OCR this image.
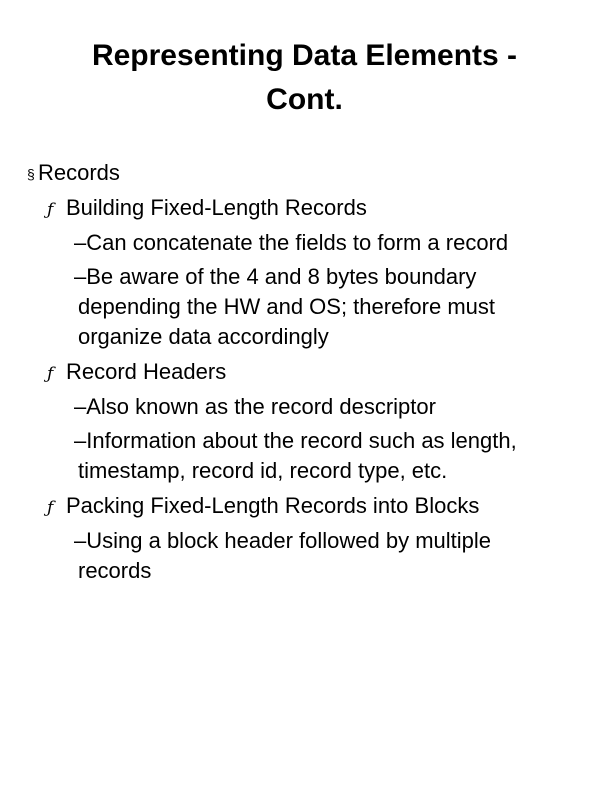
Representing Data Elements -
Cont.
§ Records
ƒ Building Fixed-Length Records
–Can concatenate the fields to form a record
–Be aware of the 4 and 8 bytes boundary
depending the HW and OS; therefore must
organize data accordingly
ƒ Record Headers
–Also known as the record descriptor
–Information about the record such as length,
timestamp, record id, record type, etc.
ƒ Packing Fixed-Length Records into Blocks
–Using a block header followed by multiple
records
